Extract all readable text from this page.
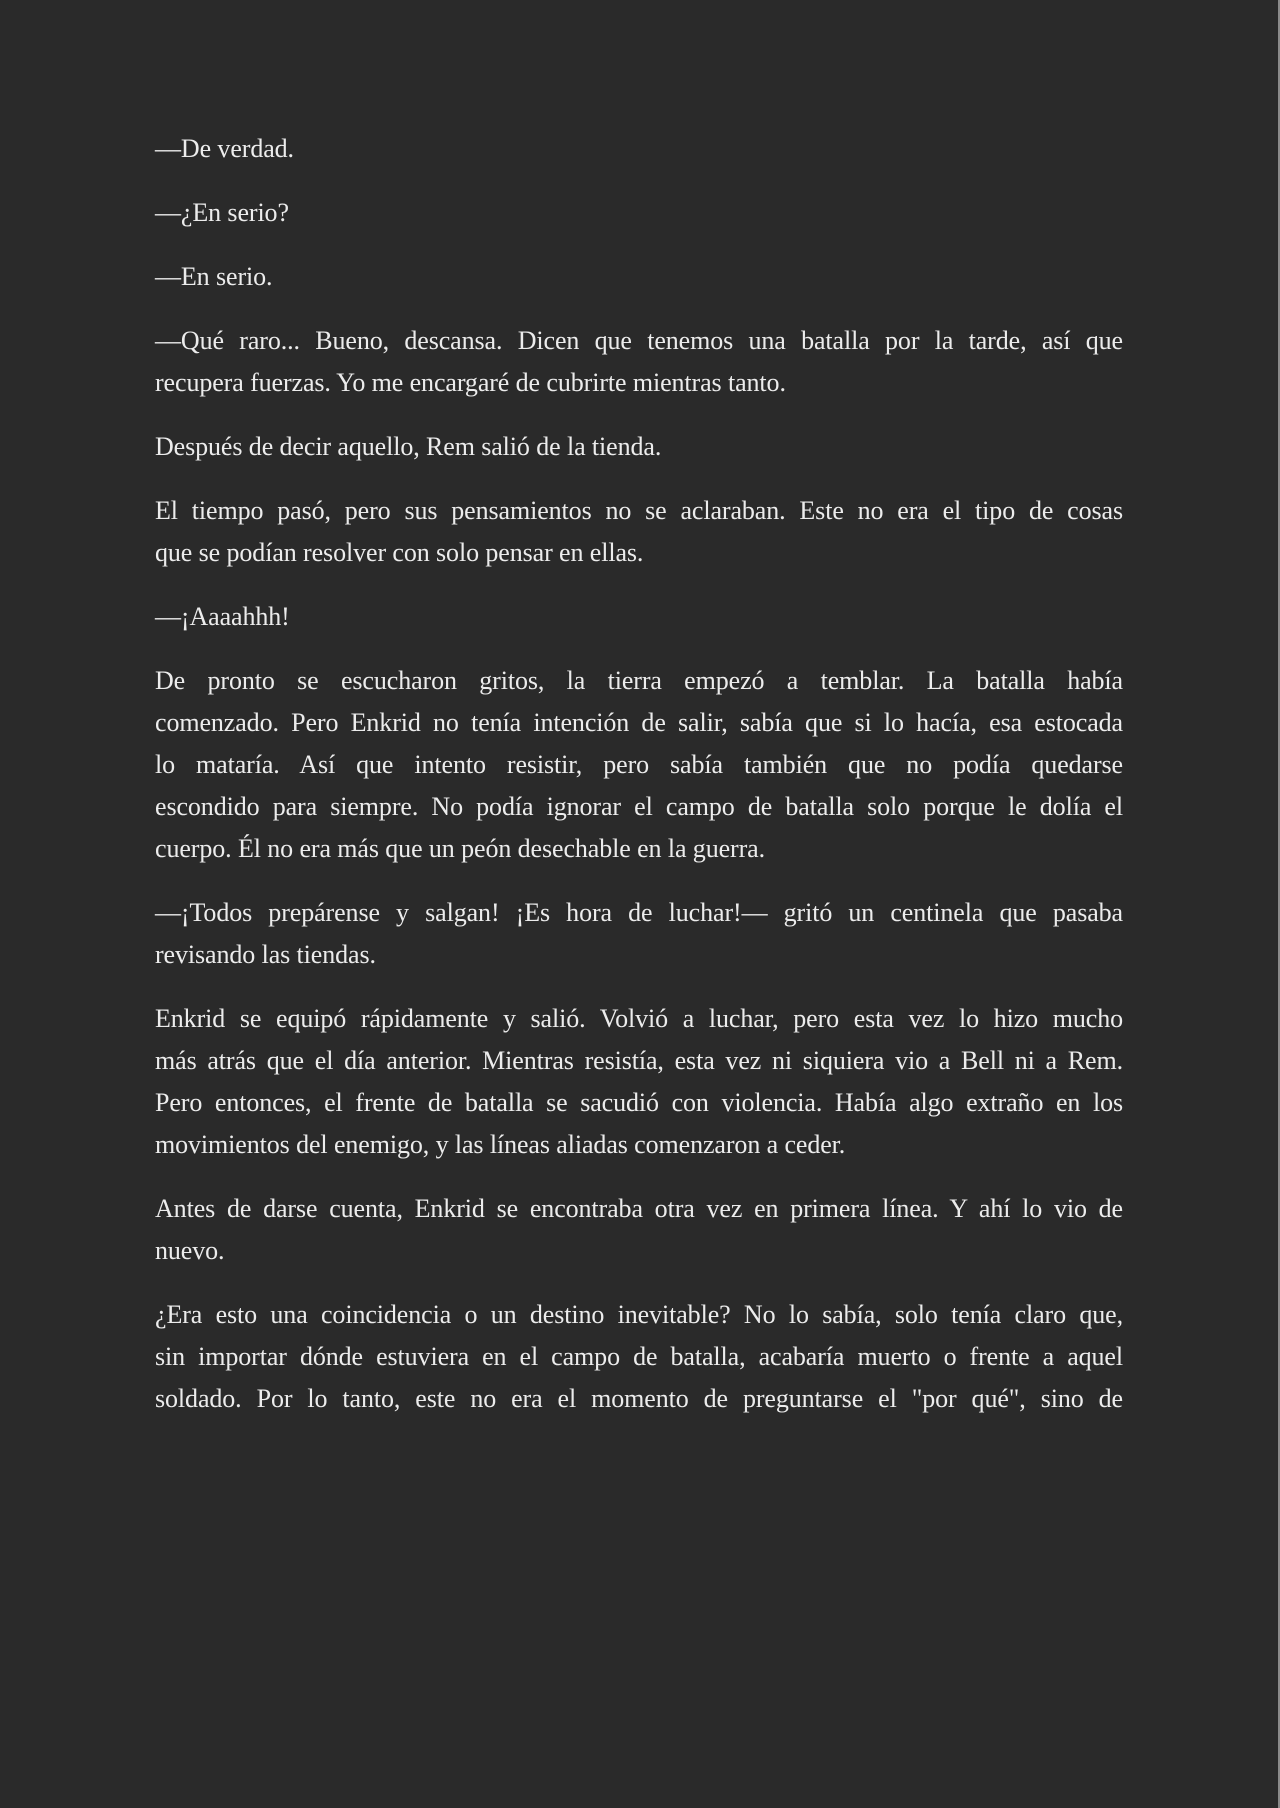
—De verdad.
—¿En serio?
—En serio.
—Qué raro... Bueno, descansa. Dicen que tenemos una batalla por la tarde, así que
recupera fuerzas. Yo me encargaré de cubrirte mientras tanto.
Después de decir aquello, Rem salió de la tienda.
El tiempo pasó, pero sus pensamientos no se aclaraban. Este no era el tipo de cosas
que se podían resolver con solo pensar en ellas.
—¡Aaaahhh!
De pronto se escucharon gritos, la tierra empezó a temblar. La batalla había
comenzado. Pero Enkrid no tenía intención de salir, sabía que si lo hacía, esa estocada
lo mataría. Así que intento resistir, pero sabía también que no podía quedarse
escondido para siempre. No podía ignorar el campo de batalla solo porque le dolía el
cuerpo. Él no era más que un peón desechable en la guerra.
—¡Todos prepárense y salgan! ¡Es hora de luchar!— gritó un centinela que pasaba
revisando las tiendas.
Enkrid se equipó rápidamente y salió. Volvió a luchar, pero esta vez lo hizo mucho
más atrás que el día anterior. Mientras resistía, esta vez ni siquiera vio a Bell ni a Rem.
Pero entonces, el frente de batalla se sacudió con violencia. Había algo extraño en los
movimientos del enemigo, y las líneas aliadas comenzaron a ceder.
Antes de darse cuenta, Enkrid se encontraba otra vez en primera línea. Y ahí lo vio de
nuevo.
¿Era esto una coincidencia o un destino inevitable? No lo sabía, solo tenía claro que,
sin importar dónde estuviera en el campo de batalla, acabaría muerto o frente a aquel
soldado. Por lo tanto, este no era el momento de preguntarse el "por qué", sino de
